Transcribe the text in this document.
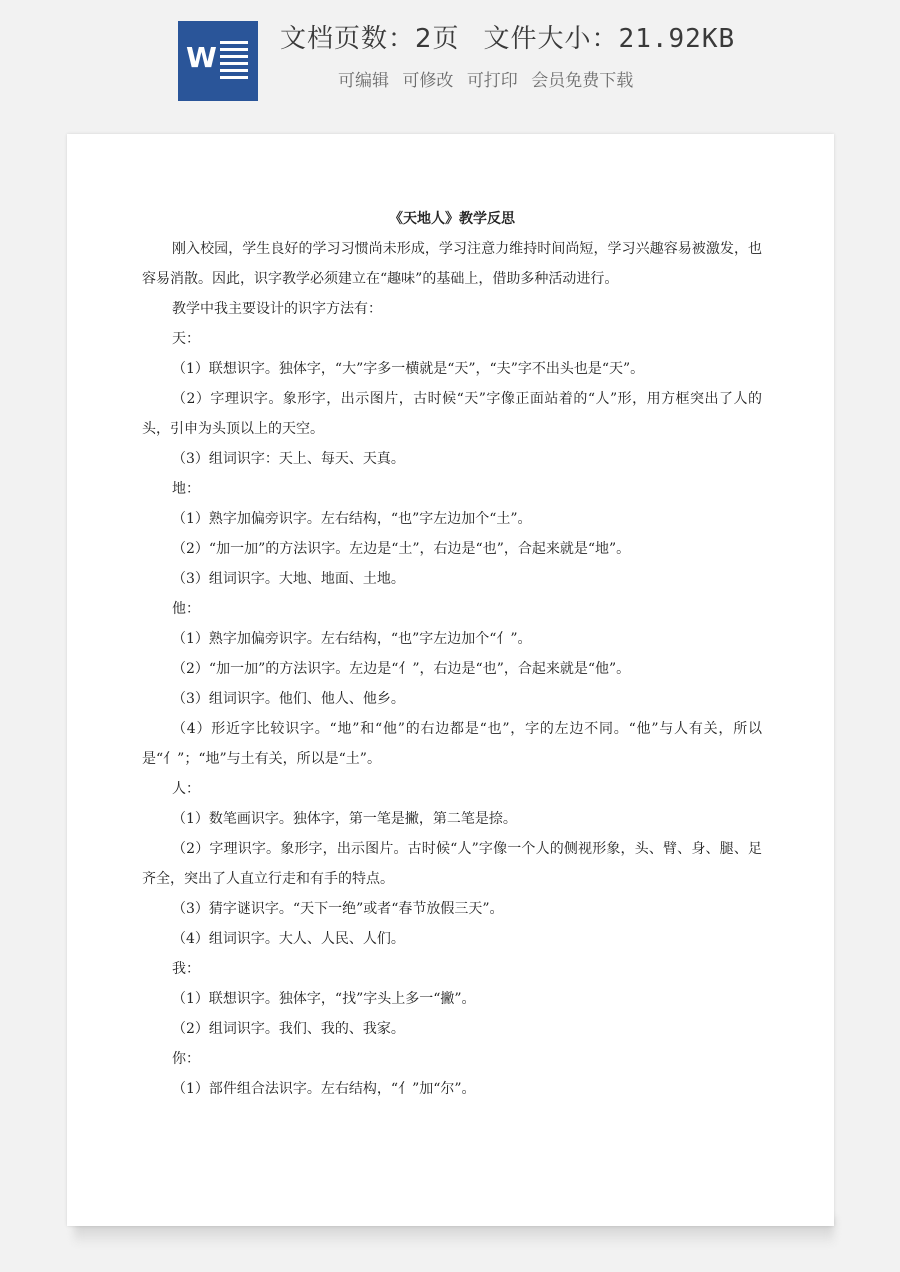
W
文档页数：2页 文件大小：21.92KB
可编辑 可修改 可打印 会员免费下载
《天地人》教学反思

刚入校园，学生良好的学习习惯尚未形成，学习注意力维持时间尚短，学习兴趣容易被激发，也容易消散。因此，识字教学必须建立在“趣味”的基础上，借助多种活动进行。

教学中我主要设计的识字方法有：

天：

（1）联想识字。独体字，“大”字多一横就是“天”，“夫”字不出头也是“天”。

（2）字理识字。象形字，出示图片，古时候“天”字像正面站着的“人”形，用方框突出了人的头，引申为头顶以上的天空。

（3）组词识字：天上、每天、天真。

地：

（1）熟字加偏旁识字。左右结构，“也”字左边加个“土”。

（2）“加一加”的方法识字。左边是“土”，右边是“也”，合起来就是“地”。

（3）组词识字。大地、地面、土地。

他：

（1）熟字加偏旁识字。左右结构，“也”字左边加个“亻”。

（2）“加一加”的方法识字。左边是“亻”，右边是“也”，合起来就是“他”。

（3）组词识字。他们、他人、他乡。

（4）形近字比较识字。“地”和“他”的右边都是“也”，字的左边不同。“他”与人有关，所以是“亻”；“地”与土有关，所以是“土”。

人：

（1）数笔画识字。独体字，第一笔是撇，第二笔是捺。

（2）字理识字。象形字，出示图片。古时候“人”字像一个人的侧视形象，头、臂、身、腿、足齐全，突出了人直立行走和有手的特点。

（3）猜字谜识字。“天下一绝”或者“春节放假三天”。

（4）组词识字。大人、人民、人们。

我：

（1）联想识字。独体字，“找”字头上多一“撇”。

（2）组词识字。我们、我的、我家。

你：

（1）部件组合法识字。左右结构，“亻”加“尔”。
